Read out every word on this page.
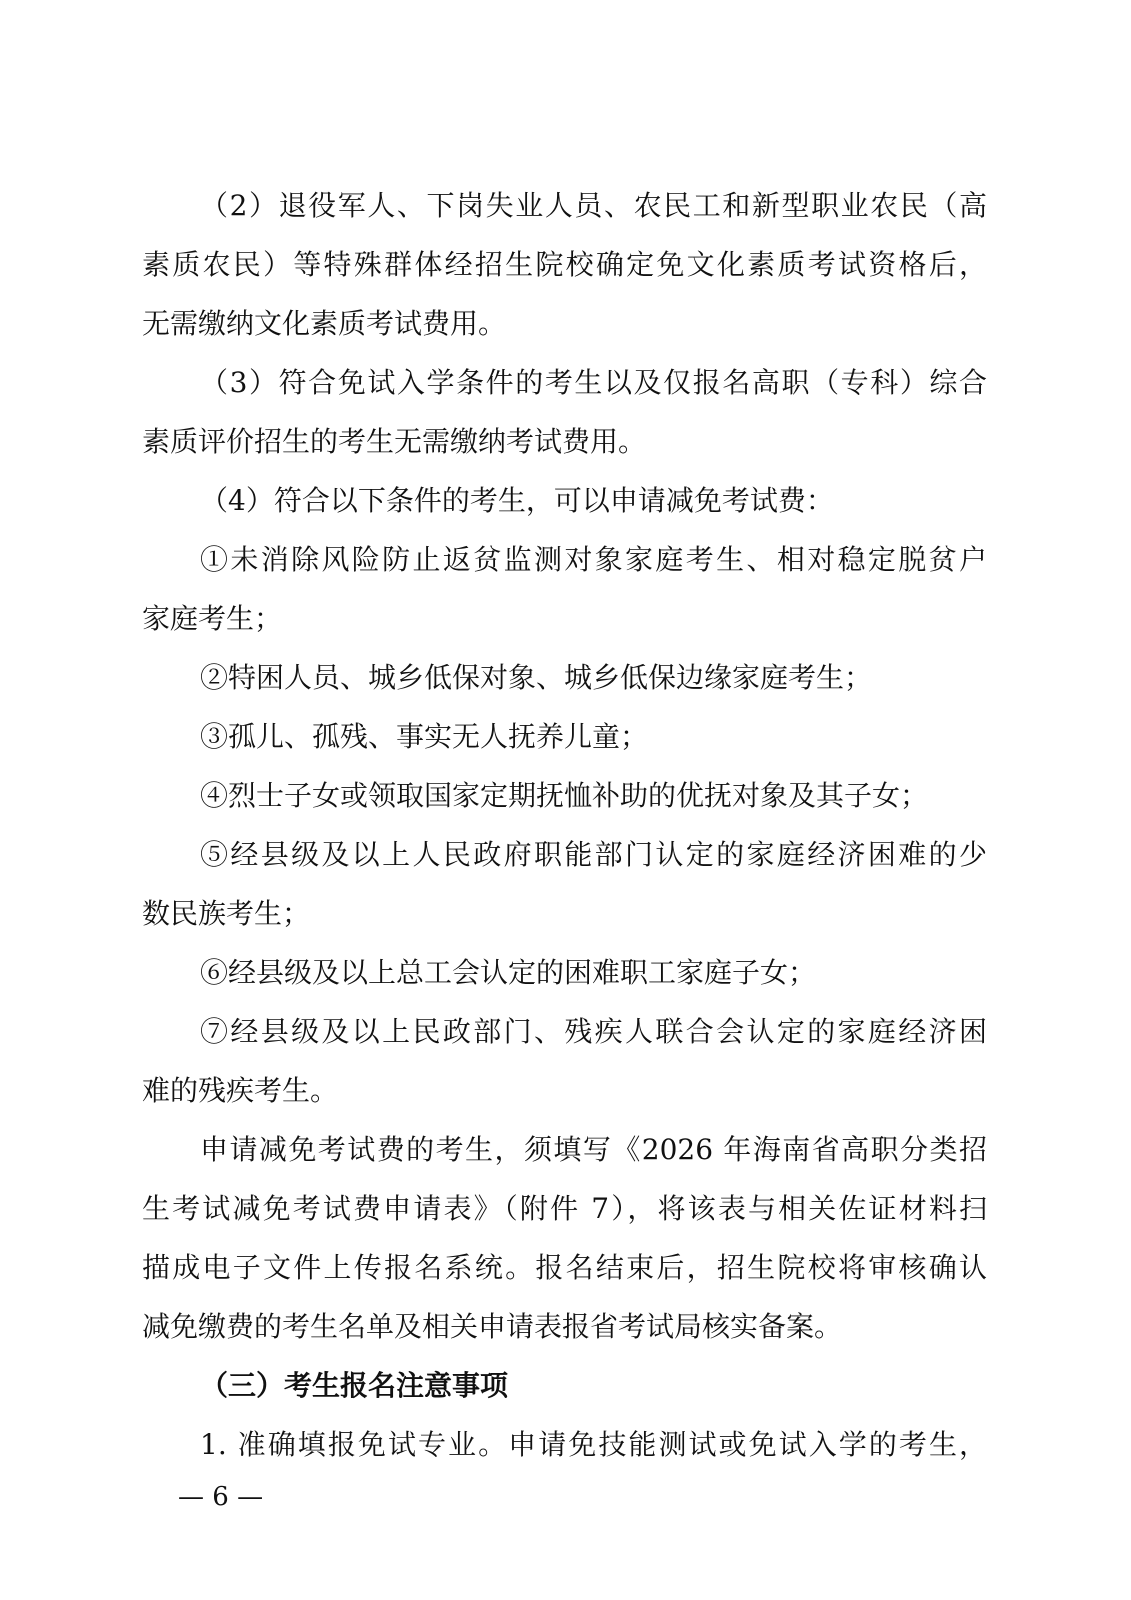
（2）退役军人、下岗失业人员、农民工和新型职业农民（高
素质农民）等特殊群体经招生院校确定免文化素质考试资格后，
无需缴纳文化素质考试费用。
（3）符合免试入学条件的考生以及仅报名高职（专科）综合
素质评价招生的考生无需缴纳考试费用。
（4）符合以下条件的考生，可以申请减免考试费：
①未消除风险防止返贫监测对象家庭考生、相对稳定脱贫户
家庭考生；
②特困人员、城乡低保对象、城乡低保边缘家庭考生；
③孤儿、孤残、事实无人抚养儿童；
④烈士子女或领取国家定期抚恤补助的优抚对象及其子女；
⑤经县级及以上人民政府职能部门认定的家庭经济困难的少
数民族考生；
⑥经县级及以上总工会认定的困难职工家庭子女；
⑦经县级及以上民政部门、残疾人联合会认定的家庭经济困
难的残疾考生。
申请减免考试费的考生，须填写《2026 年海南省高职分类招
生考试减免考试费申请表》（附件 7），将该表与相关佐证材料扫
描成电子文件上传报名系统。报名结束后，招生院校将审核确认
减免缴费的考生名单及相关申请表报省考试局核实备案。
（三）考生报名注意事项
1. 准确填报免试专业。申请免技能测试或免试入学的考生，
— 6 —
